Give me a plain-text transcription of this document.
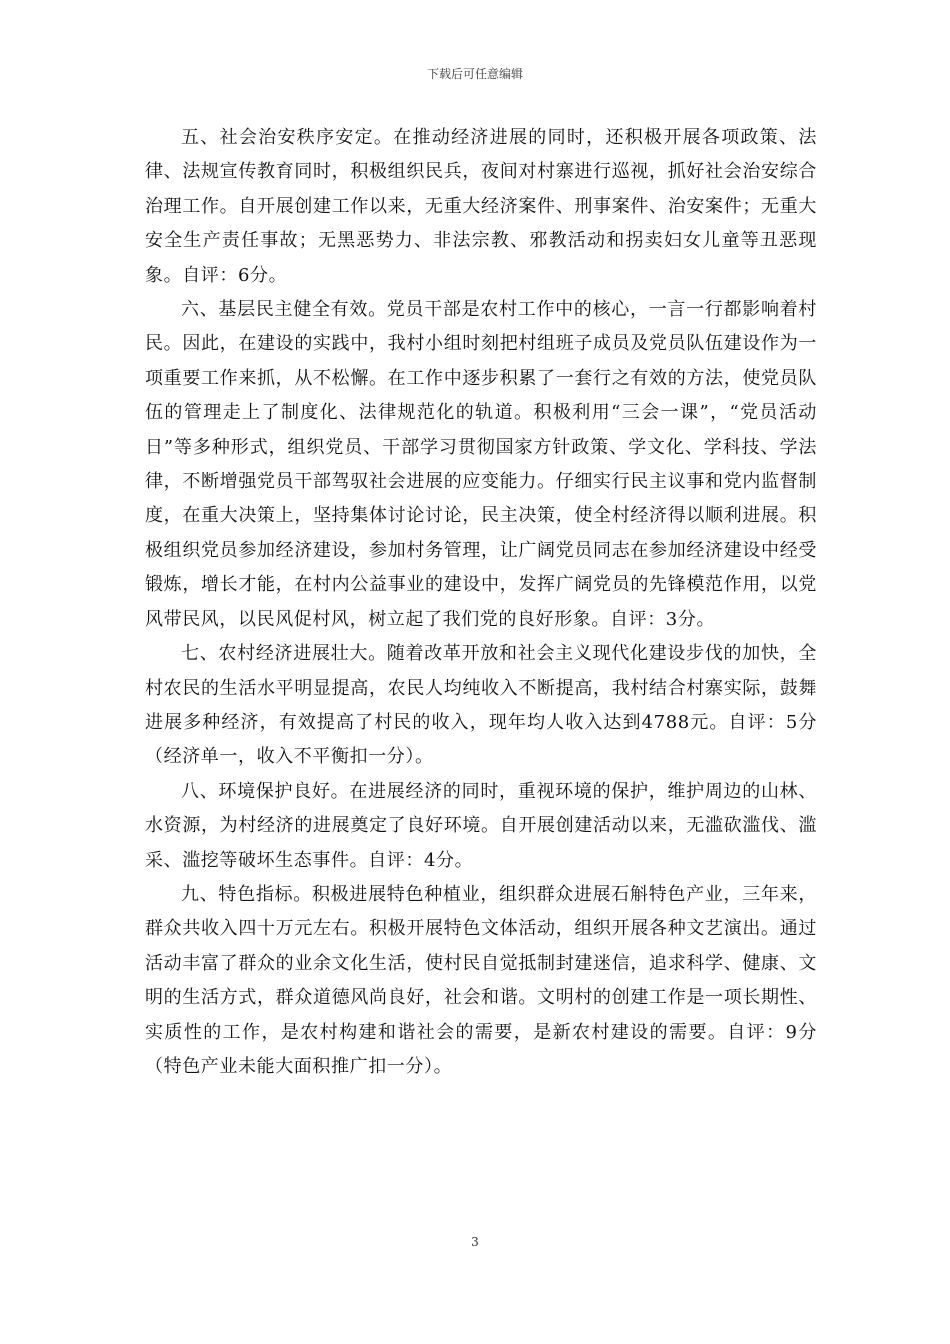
下载后可任意编辑

五、社会治安秩序安定。在推动经济进展的同时，还积极开展各项政策、法律、法规宣传教育同时，积极组织民兵，夜间对村寨进行巡视，抓好社会治安综合治理工作。自开展创建工作以来，无重大经济案件、刑事案件、治安案件；无重大安全生产责任事故；无黑恶势力、非法宗教、邪教活动和拐卖妇女儿童等丑恶现象。自评：6分。

六、基层民主健全有效。党员干部是农村工作中的核心，一言一行都影响着村民。因此，在建设的实践中，我村小组时刻把村组班子成员及党员队伍建设作为一项重要工作来抓，从不松懈。在工作中逐步积累了一套行之有效的方法，使党员队伍的管理走上了制度化、法律规范化的轨道。积极利用“三会一课”，“党员活动日”等多种形式，组织党员、干部学习贯彻国家方针政策、学文化、学科技、学法律，不断增强党员干部驾驭社会进展的应变能力。仔细实行民主议事和党内监督制度，在重大决策上，坚持集体讨论讨论，民主决策，使全村经济得以顺利进展。积极组织党员参加经济建设，参加村务管理，让广阔党员同志在参加经济建设中经受锻炼，增长才能，在村内公益事业的建设中，发挥广阔党员的先锋模范作用，以党风带民风，以民风促村风，树立起了我们党的良好形象。自评：3分。

七、农村经济进展壮大。随着改革开放和社会主义现代化建设步伐的加快，全村农民的生活水平明显提高，农民人均纯收入不断提高，我村结合村寨实际，鼓舞进展多种经济，有效提高了村民的收入，现年均人收入达到4788元。自评：5分（经济单一，收入不平衡扣一分）。

八、环境保护良好。在进展经济的同时，重视环境的保护，维护周边的山林、水资源，为村经济的进展奠定了良好环境。自开展创建活动以来，无滥砍滥伐、滥采、滥挖等破坏生态事件。自评：4分。

九、特色指标。积极进展特色种植业，组织群众进展石斛特色产业，三年来，群众共收入四十万元左右。积极开展特色文体活动，组织开展各种文艺演出。通过活动丰富了群众的业余文化生活，使村民自觉抵制封建迷信，追求科学、健康、文明的生活方式，群众道德风尚良好，社会和谐。文明村的创建工作是一项长期性、实质性的工作，是农村构建和谐社会的需要，是新农村建设的需要。自评：9分（特色产业未能大面积推广扣一分）。

3
